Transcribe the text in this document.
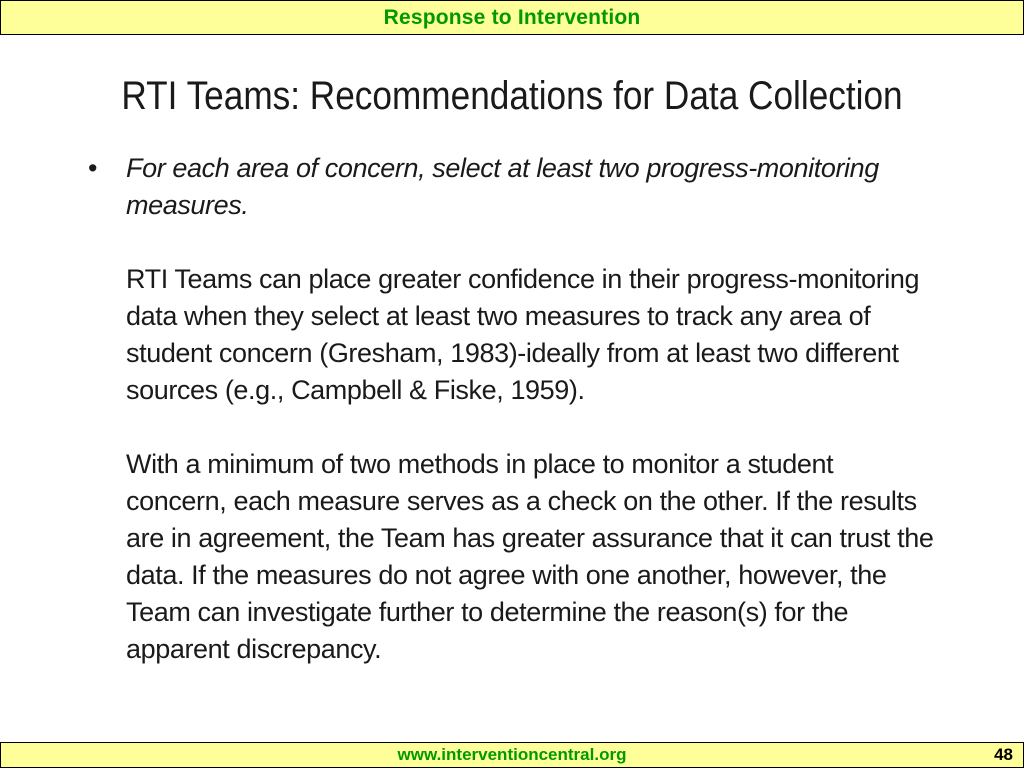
Response to Intervention
RTI Teams: Recommendations for Data Collection
•	For each area of concern, select at least two progress-monitoring measures.

RTI Teams can place greater confidence in their progress-monitoring data when they select at least two measures to track any area of student concern (Gresham, 1983)-ideally from at least two different sources (e.g., Campbell & Fiske, 1959).

With a minimum of two methods in place to monitor a student concern, each measure serves as a check on the other. If the results are in agreement, the Team has greater assurance that it can trust the data. If the measures do not agree with one another, however, the Team can investigate further to determine the reason(s) for the apparent discrepancy.

www.interventioncentral.org	48
